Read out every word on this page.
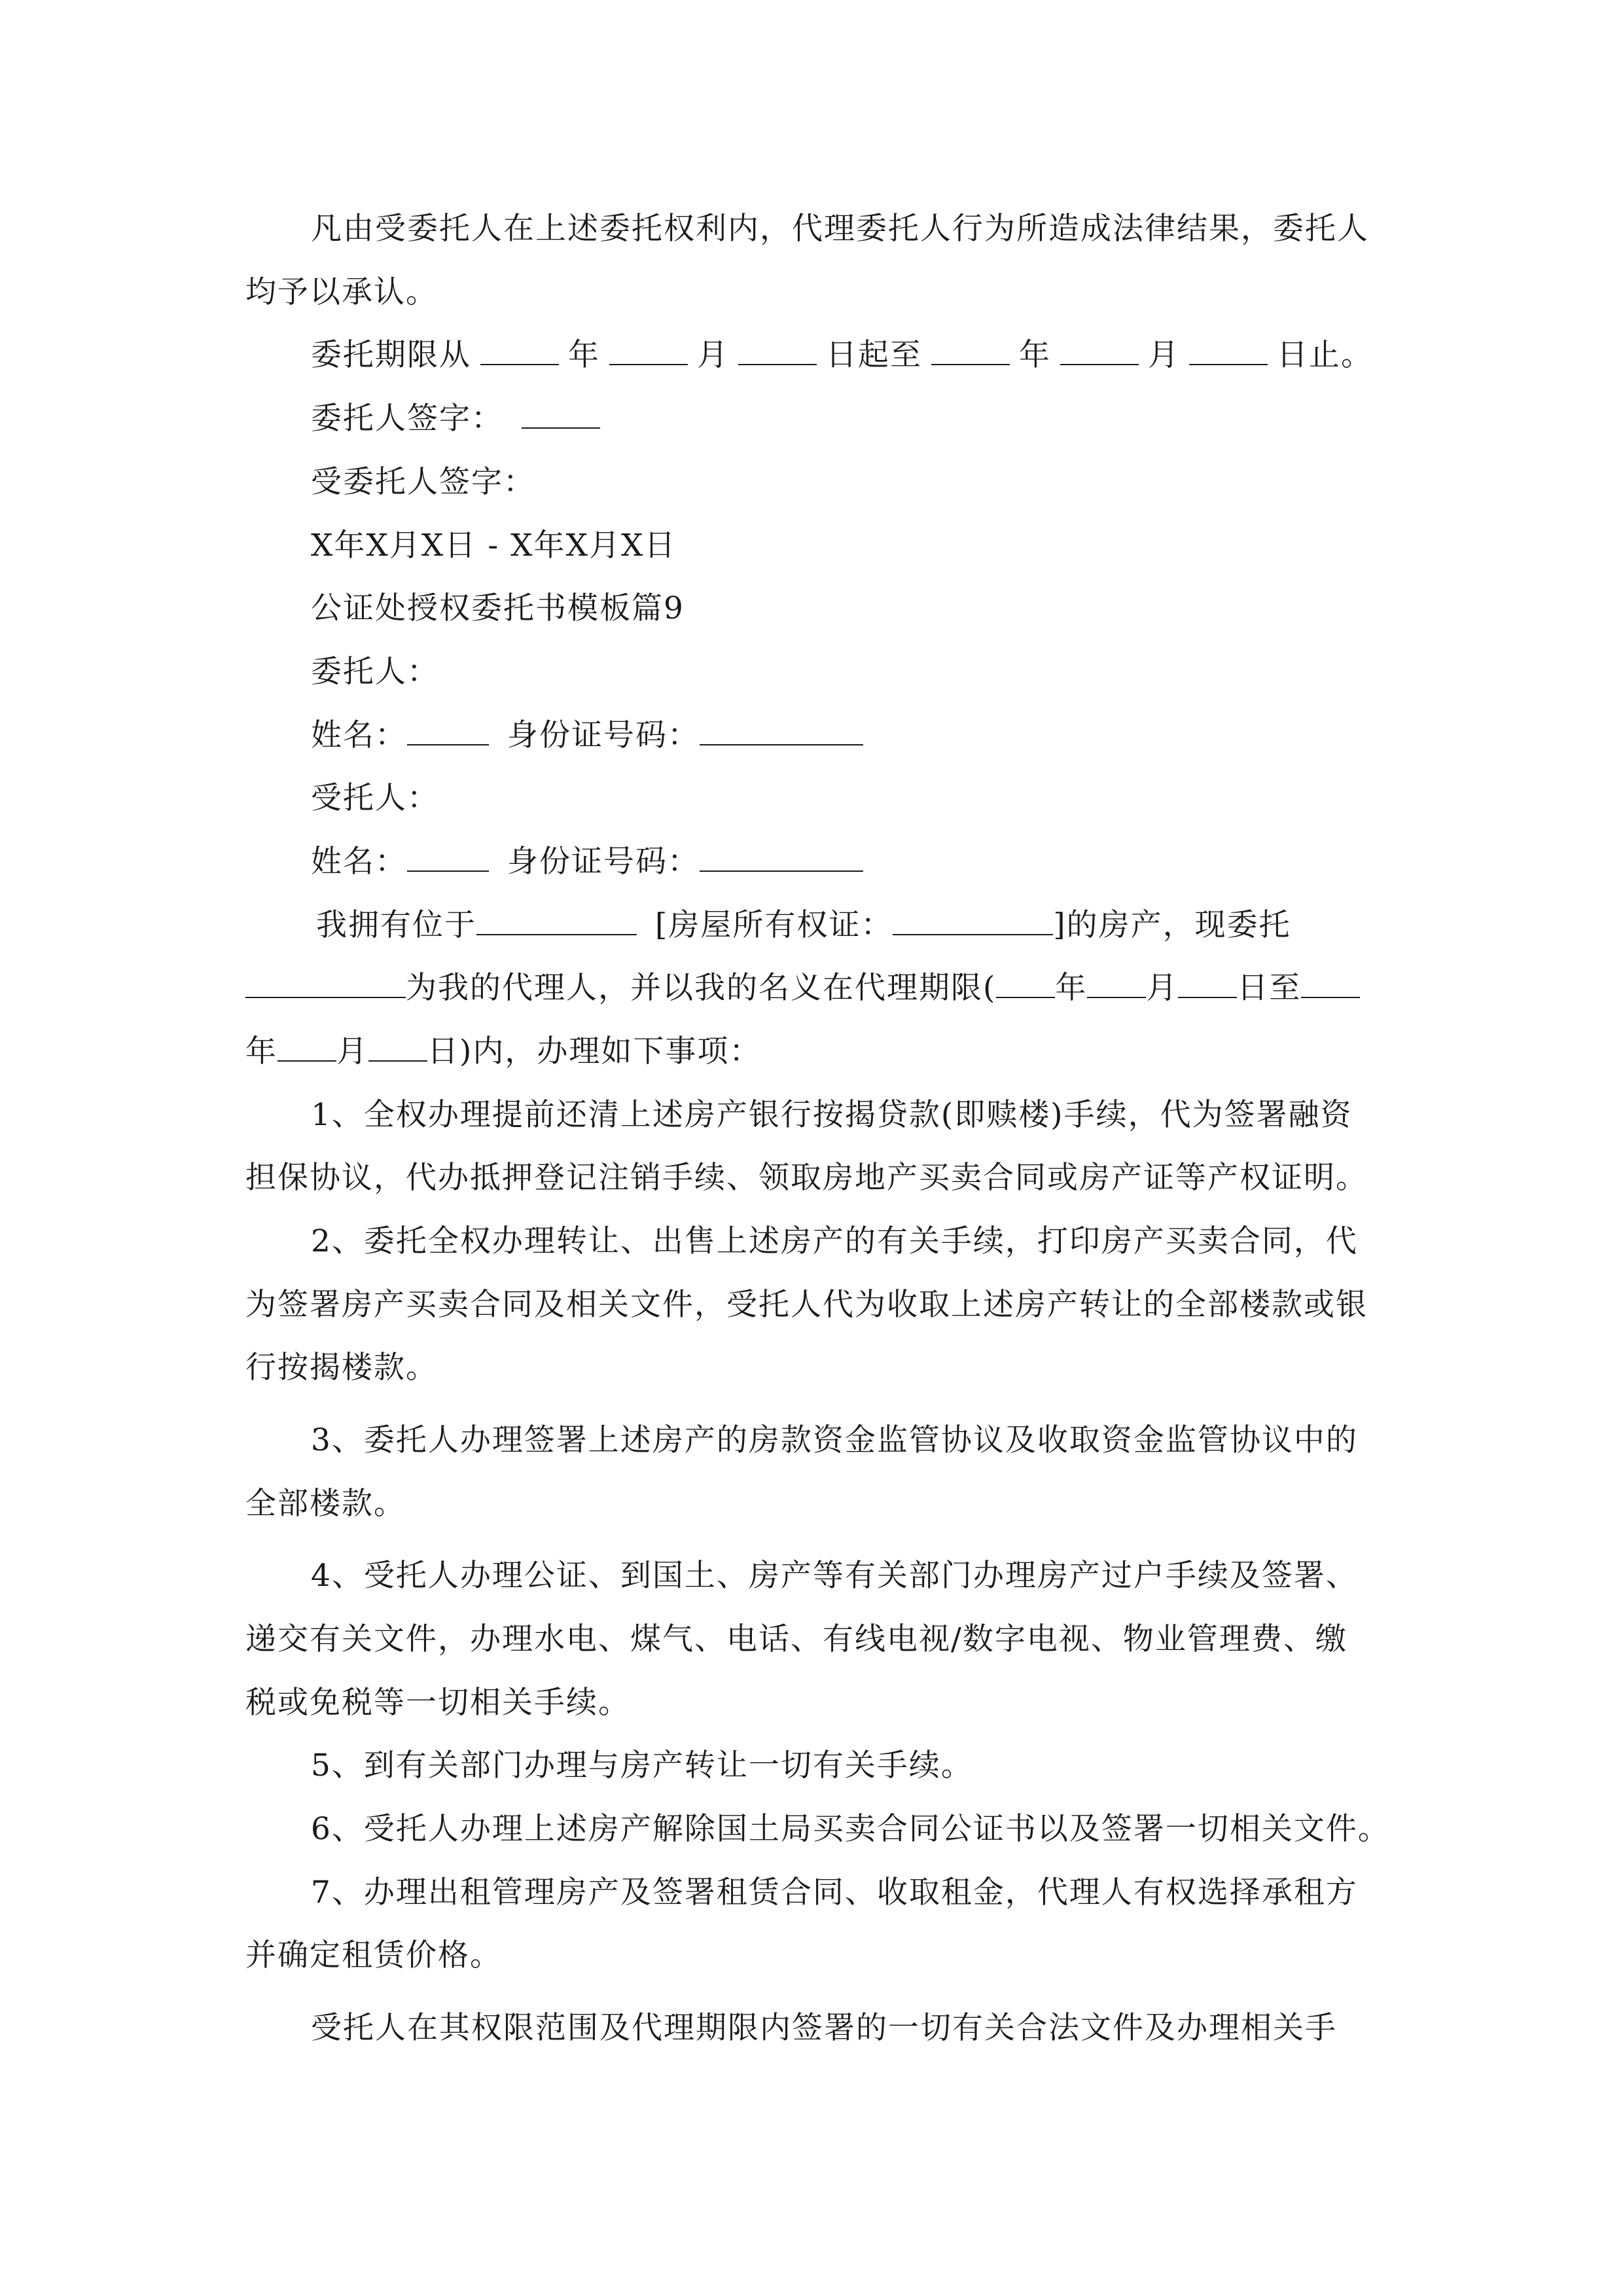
凡由受委托人在上述委托权利内，代理委托人行为所造成法律结果，委托人
均予以承认。
委托期限从	年	月	日起至	年	月	日止。
委托人签字：
受委托人签字：
X年X月X日 - X年X月X日
公证处授权委托书模板篇9
委托人：
姓名：	身份证号码：
受托人：
姓名：	身份证号码：
我拥有位于	[房屋所有权证：	]的房产，现委托
为我的代理人，并以我的名义在代理期限( 年 月 日至
年 月 日)内，办理如下事项：
1、全权办理提前还清上述房产银行按揭贷款(即赎楼)手续，代为签署融资
担保协议，代办抵押登记注销手续、领取房地产买卖合同或房产证等产权证明。
2、委托全权办理转让、出售上述房产的有关手续，打印房产买卖合同，代
为签署房产买卖合同及相关文件，受托人代为收取上述房产转让的全部楼款或银
行按揭楼款。
3、委托人办理签署上述房产的房款资金监管协议及收取资金监管协议中的
全部楼款。
4、受托人办理公证、到国土、房产等有关部门办理房产过户手续及签署、
递交有关文件，办理水电、煤气、电话、有线电视/数字电视、物业管理费、缴
税或免税等一切相关手续。
5、到有关部门办理与房产转让一切有关手续。
6、受托人办理上述房产解除国土局买卖合同公证书以及签署一切相关文件。
7、办理出租管理房产及签署租赁合同、收取租金，代理人有权选择承租方
并确定租赁价格。
受托人在其权限范围及代理期限内签署的一切有关合法文件及办理相关手
